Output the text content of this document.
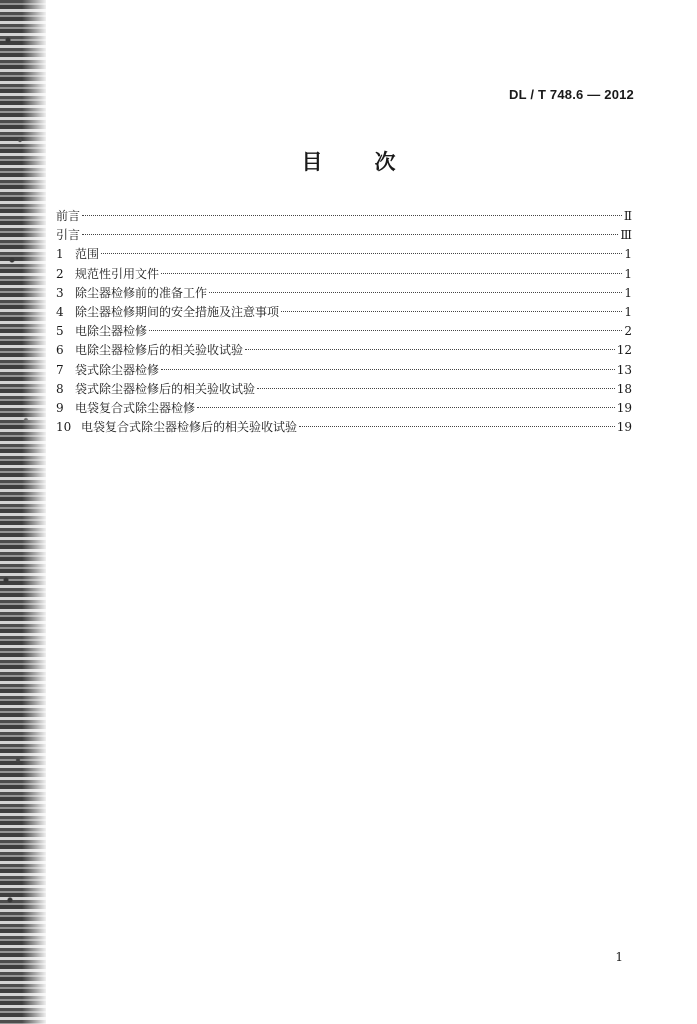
DL / T 748.6 — 2012
目 次
前言	Ⅱ
引言	Ⅲ
1 范围	1
2 规范性引用文件	1
3 除尘器检修前的准备工作	1
4 除尘器检修期间的安全措施及注意事项	1
5 电除尘器检修	2
6 电除尘器检修后的相关验收试验	12
7 袋式除尘器检修	13
8 袋式除尘器检修后的相关验收试验	18
9 电袋复合式除尘器检修	19
10 电袋复合式除尘器检修后的相关验收试验	19
1
